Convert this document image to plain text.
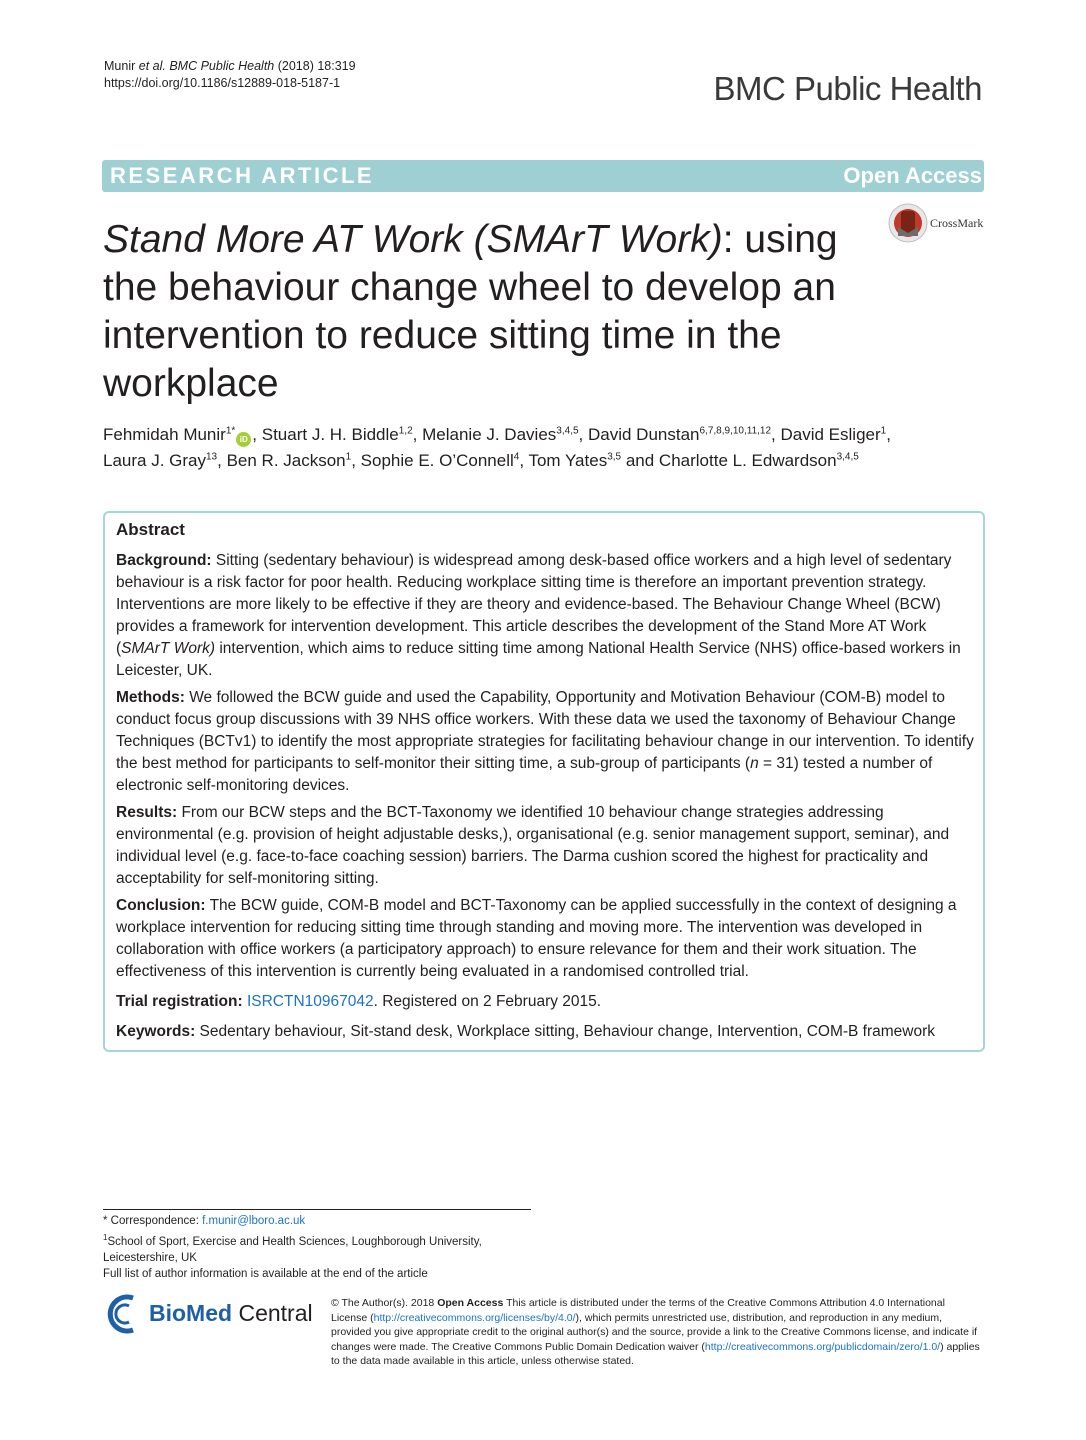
Munir et al. BMC Public Health (2018) 18:319
https://doi.org/10.1186/s12889-018-5187-1	BMC Public Health
RESEARCH ARTICLE	Open Access
CrossMark
Stand More AT Work (SMArT Work): using the behaviour change wheel to develop an intervention to reduce sitting time in the workplace
Fehmidah Munir$^{1*}$iD , Stuart J. H. Biddle$^{1,2}$, Melanie J. Davies$^{3,4,5}$, David Dunstan$^{6,7,8,9,10,11,12}$, David Esliger$^1$,
Laura J. Gray$^{13}$, Ben R. Jackson$^1$, Sophie E. O’Connell$^4$, Tom Yates$^{3,5}$ and Charlotte L. Edwardson$^{3,4,5}$
Abstract

Background: Sitting (sedentary behaviour) is widespread among desk-based office workers and a high level of sedentary behaviour is a risk factor for poor health. Reducing workplace sitting time is therefore an important prevention strategy. Interventions are more likely to be effective if they are theory and evidence-based. The Behaviour Change Wheel (BCW) provides a framework for intervention development. This article describes the development of the Stand More AT Work (SMArT Work) intervention, which aims to reduce sitting time among National Health Service (NHS) office-based workers in Leicester, UK.

Methods: We followed the BCW guide and used the Capability, Opportunity and Motivation Behaviour (COM-B) model to conduct focus group discussions with 39 NHS office workers. With these data we used the taxonomy of Behaviour Change Techniques (BCTv1) to identify the most appropriate strategies for facilitating behaviour change in our intervention. To identify the best method for participants to self-monitor their sitting time, a sub-group of participants (n = 31) tested a number of electronic self-monitoring devices.

Results: From our BCW steps and the BCT-Taxonomy we identified 10 behaviour change strategies addressing environmental (e.g. provision of height adjustable desks,), organisational (e.g. senior management support, seminar), and individual level (e.g. face-to-face coaching session) barriers. The Darma cushion scored the highest for practicality and acceptability for self-monitoring sitting.

Conclusion: The BCW guide, COM-B model and BCT-Taxonomy can be applied successfully in the context of designing a workplace intervention for reducing sitting time through standing and moving more. The intervention was developed in collaboration with office workers (a participatory approach) to ensure relevance for them and their work situation. The effectiveness of this intervention is currently being evaluated in a randomised controlled trial.

Trial registration: ISRCTN10967042. Registered on 2 February 2015.

Keywords: Sedentary behaviour, Sit-stand desk, Workplace sitting, Behaviour change, Intervention, COM-B framework

* Correspondence: f.munir@lboro.ac.uk
$^1$School of Sport, Exercise and Health Sciences, Loughborough University, Leicestershire, UK
Full list of author information is available at the end of the article
BioMed Central © The Author(s). 2018 Open Access This article is distributed under the terms of the Creative Commons Attribution 4.0 International License (http://creativecommons.org/licenses/by/4.0/), which permits unrestricted use, distribution, and reproduction in any medium, provided you give appropriate credit to the original author(s) and the source, provide a link to the Creative Commons license, and indicate if changes were made. The Creative Commons Public Domain Dedication waiver (http://creativecommons.org/publicdomain/zero/1.0/) applies to the data made available in this article, unless otherwise stated.
